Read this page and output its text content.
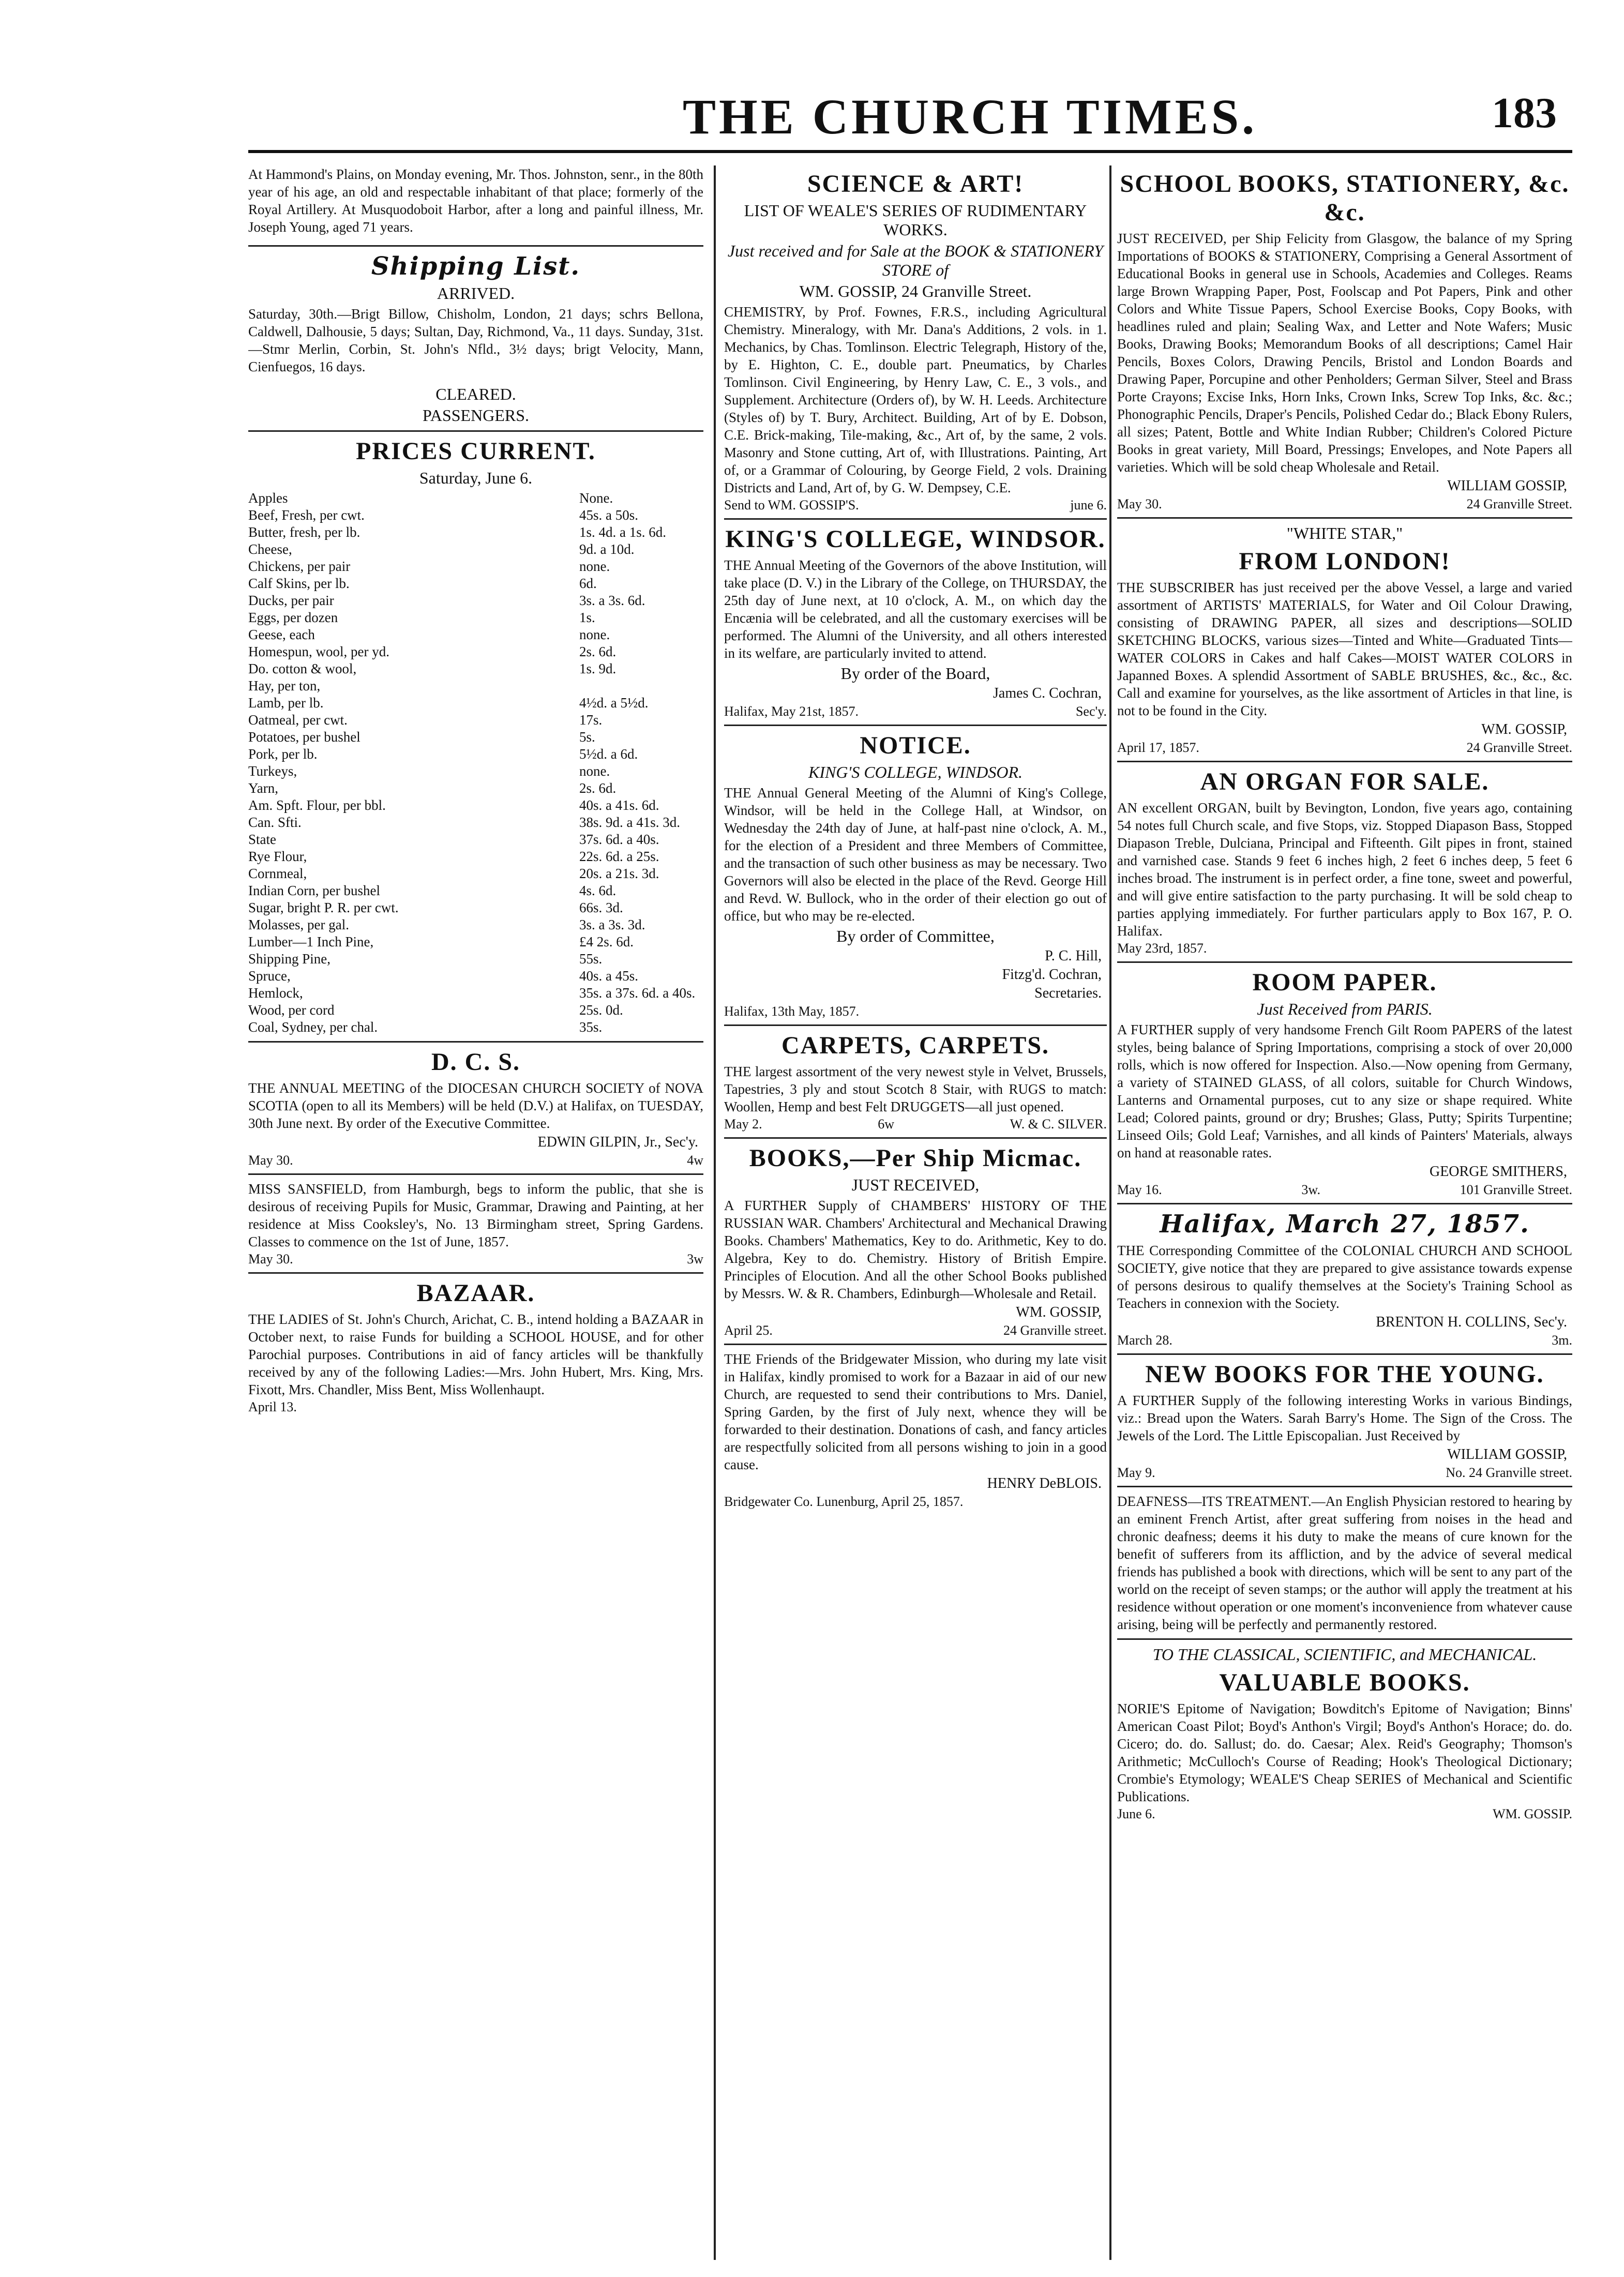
THE CHURCH TIMES.	183
At Hammond's Plains, on Monday evening, Mr. Thos. Johnston, senr., in the 80th year of his age, an old and respectable inhabitant of that place; formerly of the Royal Artillery. At Musquodoboit Harbor, after a long and painful illness, Mr. Joseph Young, aged 71 years.
Shipping List.
ARRIVED.
Saturday, 30th.—Brigt Billow, Chisholm, London, 21 days; schrs Bellona, Caldwell, Dalhousie, 5 days; Sultan, Day, Richmond, Va., 11 days. Sunday, 31st.—Stmr Merlin, Corbin, St. John's Nfld., 3½ days; brigt Velocity, Mann, Cienfuegos, 16 days.
CLEARED.
PASSENGERS.
PRICES CURRENT.
Saturday, June 6.
Apples	None.
Beef, Fresh, per cwt.	45s. a 50s.
Butter, fresh, per lb.	1s. 4d. a 1s. 6d.
Cheese,	9d. a 10d.
Chickens, per pair	none.
Calf Skins, per lb.	6d.
Ducks, per pair	3s. a 3s. 6d.
Eggs, per dozen	1s.
Geese, each	none.
Homespun, wool, per yd.	2s. 6d.
Do. cotton & wool,	1s. 9d.
Hay, per ton,
Lamb, per lb.	4½d. a 5½d.
Oatmeal, per cwt.	17s.
Potatoes, per bushel	5s.
Pork, per lb.	5½d. a 6d.
Turkeys,	none.
Yarn,	2s. 6d.
Am. Spft. Flour, per bbl.	40s. a 41s. 6d.
Can. Sfti.	38s. 9d. a 41s. 3d.
State	37s. 6d. a 40s.
Rye Flour,	22s. 6d. a 25s.
Cornmeal,	20s. a 21s. 3d.
Indian Corn, per bushel	4s. 6d.
Sugar, bright P. R. per cwt.	66s. 3d.
Molasses, per gal.	3s. a 3s. 3d.
Lumber—1 Inch Pine,	£4 2s. 6d.
Shipping Pine,	55s.
Spruce,	40s. a 45s.
Hemlock,	35s. a 37s. 6d. a 40s.
Wood, per cord	25s. 0d.
Coal, Sydney, per chal.	35s.
D. C. S.
THE ANNUAL MEETING of the DIOCESAN CHURCH SOCIETY of NOVA SCOTIA (open to all its Members) will be held (D.V.) at Halifax, on TUESDAY, 30th June next. By order of the Executive Committee.
EDWIN GILPIN, Jr., Sec'y.
May 30.	4w
MISS SANSFIELD, from Hamburgh, begs to inform the public, that she is desirous of receiving Pupils for Music, Grammar, Drawing and Painting, at her residence at Miss Cooksley's, No. 13 Birmingham street, Spring Gardens. Classes to commence on the 1st of June, 1857.
May 30.	3w
BAZAAR.
THE LADIES of St. John's Church, Arichat, C. B., intend holding a BAZAAR in October next, to raise Funds for building a SCHOOL HOUSE, and for other Parochial purposes. Contributions in aid of fancy articles will be thankfully received by any of the following Ladies:—Mrs. John Hubert, Mrs. King, Mrs. Fixott, Mrs. Chandler, Miss Bent, Miss Wollenhaupt.
April 13.
SCIENCE & ART!
LIST OF WEALE'S SERIES OF RUDIMENTARY WORKS.
Just received and for Sale at the BOOK & STATIONERY STORE of
WM. GOSSIP, 24 Granville Street.
CHEMISTRY, by Prof. Fownes, F.R.S., including Agricultural Chemistry. Mineralogy, with Mr. Dana's Additions, 2 vols. in 1. Mechanics, by Chas. Tomlinson. Electric Telegraph, History of the, by E. Highton, C. E., double part. Pneumatics, by Charles Tomlinson. Civil Engineering, by Henry Law, C. E., 3 vols., and Supplement. Architecture (Orders of), by W. H. Leeds. Architecture (Styles of) by T. Bury, Architect. Building, Art of by E. Dobson, C.E. Brick-making, Tile-making, &c., Art of, by the same, 2 vols. Masonry and Stone cutting, Art of, with Illustrations. Painting, Art of, or a Grammar of Colouring, by George Field, 2 vols. Draining Districts and Land, Art of, by G. W. Dempsey, C.E.
Send to WM. GOSSIP'S.	june 6.
KING'S COLLEGE, WINDSOR.
THE Annual Meeting of the Governors of the above Institution, will take place (D. V.) in the Library of the College, on THURSDAY, the 25th day of June next, at 10 o'clock, A. M., on which day the Encænia will be celebrated, and all the customary exercises will be performed. The Alumni of the University, and all others interested in its welfare, are particularly invited to attend.
By order of the Board,
James C. Cochran,
Halifax, May 21st, 1857.	Sec'y.
NOTICE.
KING'S COLLEGE, WINDSOR.
THE Annual General Meeting of the Alumni of King's College, Windsor, will be held in the College Hall, at Windsor, on Wednesday the 24th day of June, at half-past nine o'clock, A. M., for the election of a President and three Members of Committee, and the transaction of such other business as may be necessary. Two Governors will also be elected in the place of the Revd. George Hill and Revd. W. Bullock, who in the order of their election go out of office, but who may be re-elected.
By order of Committee,
P. C. Hill,
Fitzg'd. Cochran,
Secretaries.
Halifax, 13th May, 1857.
CARPETS, CARPETS.
THE largest assortment of the very newest style in Velvet, Brussels, Tapestries, 3 ply and stout Scotch 8 Stair, with RUGS to match: Woollen, Hemp and best Felt DRUGGETS—all just opened.
May 2.	6w	W. & C. SILVER.
BOOKS,—Per Ship Micmac.
JUST RECEIVED,
A FURTHER Supply of CHAMBERS' HISTORY OF THE RUSSIAN WAR. Chambers' Architectural and Mechanical Drawing Books. Chambers' Mathematics, Key to do. Arithmetic, Key to do. Algebra, Key to do. Chemistry. History of British Empire. Principles of Elocution. And all the other School Books published by Messrs. W. & R. Chambers, Edinburgh—Wholesale and Retail.
WM. GOSSIP,
April 25.	24 Granville street.
THE Friends of the Bridgewater Mission, who during my late visit in Halifax, kindly promised to work for a Bazaar in aid of our new Church, are requested to send their contributions to Mrs. Daniel, Spring Garden, by the first of July next, whence they will be forwarded to their destination. Donations of cash, and fancy articles are respectfully solicited from all persons wishing to join in a good cause.
HENRY DeBLOIS.
Bridgewater Co. Lunenburg, April 25, 1857.
SCHOOL BOOKS, STATIONERY, &c. &c.
JUST RECEIVED, per Ship Felicity from Glasgow, the balance of my Spring Importations of BOOKS & STATIONERY, Comprising a General Assortment of Educational Books in general use in Schools, Academies and Colleges. Reams large Brown Wrapping Paper, Post, Foolscap and Pot Papers, Pink and other Colors and White Tissue Papers, School Exercise Books, Copy Books, with headlines ruled and plain; Sealing Wax, and Letter and Note Wafers; Music Books, Drawing Books; Memorandum Books of all descriptions; Camel Hair Pencils, Boxes Colors, Drawing Pencils, Bristol and London Boards and Drawing Paper, Porcupine and other Penholders; German Silver, Steel and Brass Porte Crayons; Excise Inks, Horn Inks, Crown Inks, Screw Top Inks, &c. &c.; Phonographic Pencils, Draper's Pencils, Polished Cedar do.; Black Ebony Rulers, all sizes; Patent, Bottle and White Indian Rubber; Children's Colored Picture Books in great variety, Mill Board, Pressings; Envelopes, and Note Papers all varieties. Which will be sold cheap Wholesale and Retail.
WILLIAM GOSSIP,
May 30.	24 Granville Street.
"WHITE STAR,"
FROM LONDON!
THE SUBSCRIBER has just received per the above Vessel, a large and varied assortment of ARTISTS' MATERIALS, for Water and Oil Colour Drawing, consisting of DRAWING PAPER, all sizes and descriptions—SOLID SKETCHING BLOCKS, various sizes—Tinted and White—Graduated Tints—WATER COLORS in Cakes and half Cakes—MOIST WATER COLORS in Japanned Boxes. A splendid Assortment of SABLE BRUSHES, &c., &c., &c. Call and examine for yourselves, as the like assortment of Articles in that line, is not to be found in the City.
WM. GOSSIP,
April 17, 1857.	24 Granville Street.
AN ORGAN FOR SALE.
AN excellent ORGAN, built by Bevington, London, five years ago, containing 54 notes full Church scale, and five Stops, viz. Stopped Diapason Bass, Stopped Diapason Treble, Dulciana, Principal and Fifteenth. Gilt pipes in front, stained and varnished case. Stands 9 feet 6 inches high, 2 feet 6 inches deep, 5 feet 6 inches broad. The instrument is in perfect order, a fine tone, sweet and powerful, and will give entire satisfaction to the party purchasing. It will be sold cheap to parties applying immediately. For further particulars apply to Box 167, P. O. Halifax.
May 23rd, 1857.
ROOM PAPER.
Just Received from PARIS.
A FURTHER supply of very handsome French Gilt Room PAPERS of the latest styles, being balance of Spring Importations, comprising a stock of over 20,000 rolls, which is now offered for Inspection. Also.—Now opening from Germany, a variety of STAINED GLASS, of all colors, suitable for Church Windows, Lanterns and Ornamental purposes, cut to any size or shape required. White Lead; Colored paints, ground or dry; Brushes; Glass, Putty; Spirits Turpentine; Linseed Oils; Gold Leaf; Varnishes, and all kinds of Painters' Materials, always on hand at reasonable rates.
GEORGE SMITHERS,
May 16.	3w.	101 Granville Street.
Halifax, March 27, 1857.
THE Corresponding Committee of the COLONIAL CHURCH AND SCHOOL SOCIETY, give notice that they are prepared to give assistance towards expense of persons desirous to qualify themselves at the Society's Training School as Teachers in connexion with the Society.
BRENTON H. COLLINS, Sec'y.
March 28.	3m.
NEW BOOKS FOR THE YOUNG.
A FURTHER Supply of the following interesting Works in various Bindings, viz.: Bread upon the Waters. Sarah Barry's Home. The Sign of the Cross. The Jewels of the Lord. The Little Episcopalian. Just Received by
WILLIAM GOSSIP,
May 9.	No. 24 Granville street.
DEAFNESS—ITS TREATMENT.—An English Physician restored to hearing by an eminent French Artist, after great suffering from noises in the head and chronic deafness; deems it his duty to make the means of cure known for the benefit of sufferers from its affliction, and by the advice of several medical friends has published a book with directions, which will be sent to any part of the world on the receipt of seven stamps; or the author will apply the treatment at his residence without operation or one moment's inconvenience from whatever cause arising, being will be perfectly and permanently restored.
TO THE CLASSICAL, SCIENTIFIC, and MECHANICAL.
VALUABLE BOOKS.
NORIE'S Epitome of Navigation; Bowditch's Epitome of Navigation; Binns' American Coast Pilot; Boyd's Anthon's Virgil; Boyd's Anthon's Horace; do. do. Cicero; do. do. Sallust; do. do. Caesar; Alex. Reid's Geography; Thomson's Arithmetic; McCulloch's Course of Reading; Hook's Theological Dictionary; Crombie's Etymology; WEALE'S Cheap SERIES of Mechanical and Scientific Publications.
June 6.	WM. GOSSIP.
